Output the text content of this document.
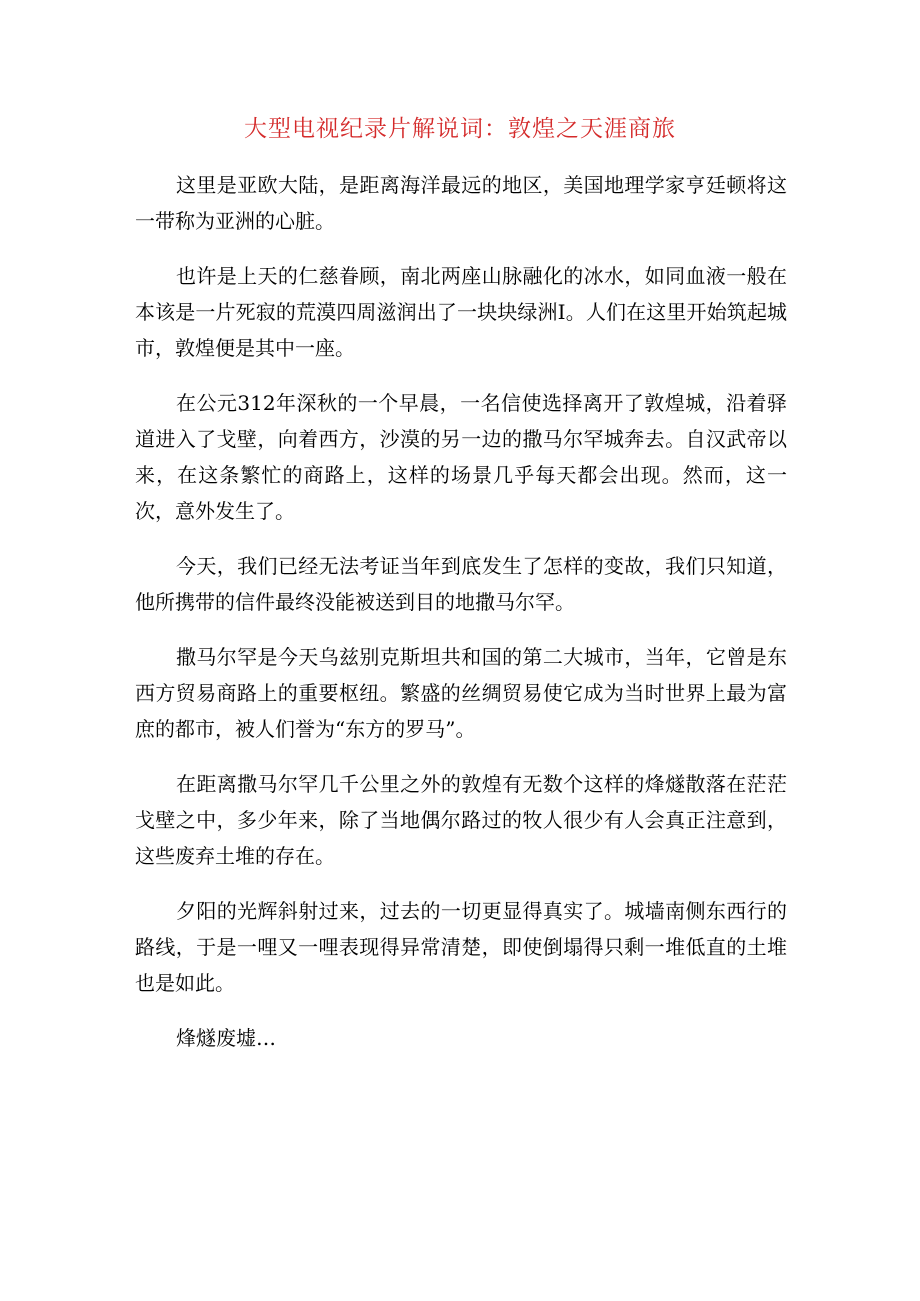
大型电视纪录片解说词：敦煌之天涯商旅

这里是亚欧大陆，是距离海洋最远的地区，美国地理学家亨廷顿将这一带称为亚洲的心脏。

也许是上天的仁慈眷顾，南北两座山脉融化的冰水，如同血液一般在本该是一片死寂的荒漠四周滋润出了一块块绿洲I。人们在这里开始筑起城市，敦煌便是其中一座。

在公元312年深秋的一个早晨，一名信使选择离开了敦煌城，沿着驿道进入了戈壁，向着西方，沙漠的另一边的撒马尔罕城奔去。自汉武帝以来，在这条繁忙的商路上，这样的场景几乎每天都会出现。然而，这一次，意外发生了。

今天，我们已经无法考证当年到底发生了怎样的变故，我们只知道，他所携带的信件最终没能被送到目的地撒马尔罕。

撒马尔罕是今天乌兹别克斯坦共和国的第二大城市，当年，它曾是东西方贸易商路上的重要枢纽。繁盛的丝绸贸易使它成为当时世界上最为富庶的都市，被人们誉为“东方的罗马”。

在距离撒马尔罕几千公里之外的敦煌有无数个这样的烽燧散落在茫茫戈壁之中，多少年来，除了当地偶尔路过的牧人很少有人会真正注意到，这些废弃土堆的存在。

夕阳的光辉斜射过来，过去的一切更显得真实了。城墙南侧东西行的路线，于是一哩又一哩表现得异常清楚，即使倒塌得只剩一堆低直的土堆也是如此。

烽燧废墟…
